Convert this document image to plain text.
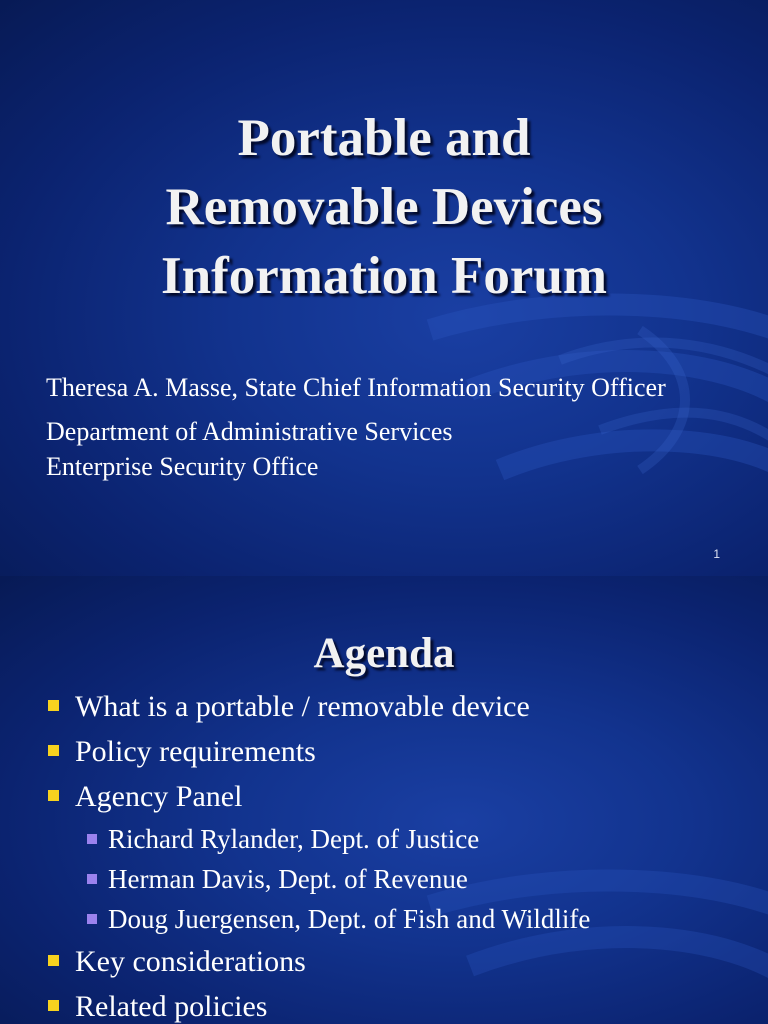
Portable and
Removable Devices
Information Forum

Theresa A. Masse, State Chief Information Security Officer

Department of Administrative Services
Enterprise Security Office

1
Agenda
What is a portable / removable device
Policy requirements
Agency Panel
Richard Rylander, Dept. of Justice
Herman Davis, Dept. of Revenue
Doug Juergensen, Dept. of Fish and Wildlife
Key considerations
Related policies
